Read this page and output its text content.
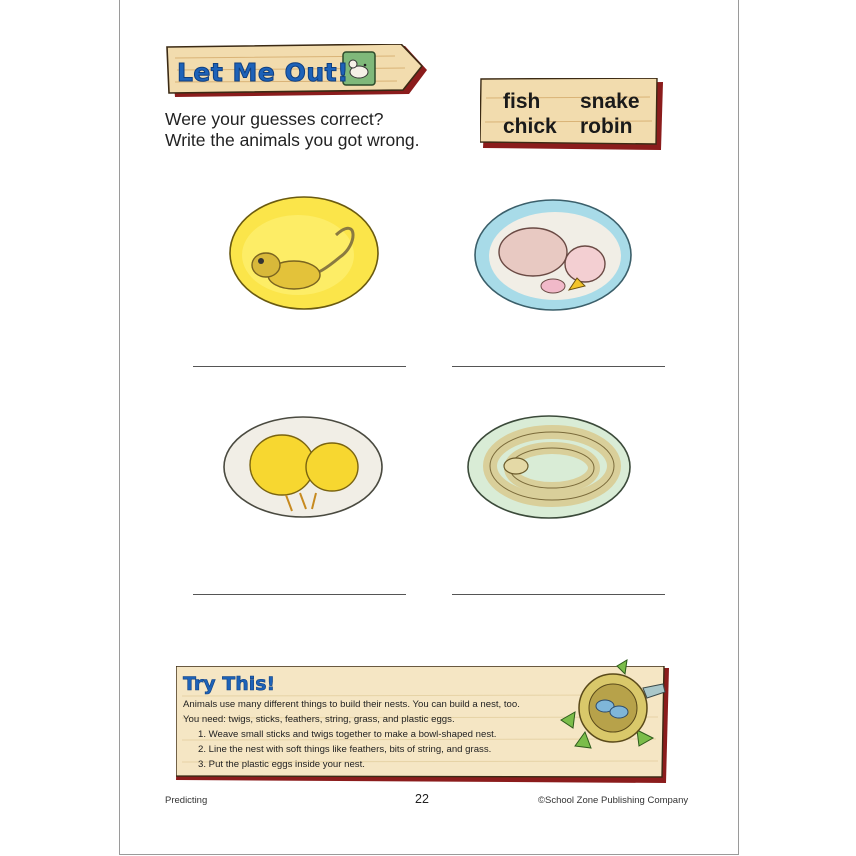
Let Me Out!
Were your guesses correct?
Write the animals you got wrong.
fish snake
chick robin
Try This!
Animals use many different things to build their nests. You can build a nest, too.
You need: twigs, sticks, feathers, string, grass, and plastic eggs.
1. Weave small sticks and twigs together to make a bowl-shaped nest.
2. Line the nest with soft things like feathers, bits of string, and grass.
3. Put the plastic eggs inside your nest.
Predicting	22	©School Zone Publishing Company
